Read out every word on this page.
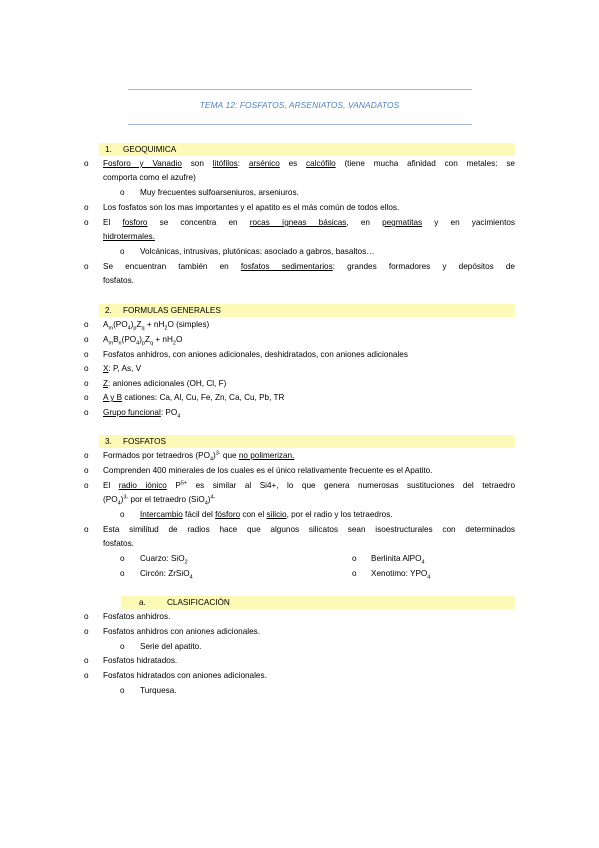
TEMA 12: FOSFATOS, ARSENIATOS, VANADATOS
1. GEOQUIMICA
o Fosforo y Vanadio son litófilos: arsénico es calcófilo (tiene mucha afinidad con metales: se
comporta como el azufre)
o Muy frecuentes sulfoarseniuros, arseniuros.
o Los fosfatos son los mas importantes y el apatito es el más común de todos ellos.
o El fosforo se concentra en rocas ígneas básicas, en pegmatitas y en yacimientos
hidrotermales.
o Volcánicas, intrusivas, plutónicas: asociado a gabros, basaltos…
o Se encuentran también en fosfatos sedimentarios: grandes formadores y depósitos de
fosfatos.
2. FORMULAS GENERALES
o $A_m(PO_4)_pZ_q + nH_2O$ (simples)
o $A_mB_n(PO_4)_pZ_q + nH_2O$
o Fosfatos anhidros, con aniones adicionales, deshidratados, con aniones adicionales
o X: P, As, V
o Z: aniones adicionales (OH, Cl, F)
o A y B cationes: Ca, Al, Cu, Fe, Zn, Ca, Cu, Pb, TR
o Grupo funcional: $PO_4$
3. FOSFATOS
o Formados por tetraedros $(PO_4)^{3-}$ que no polimerizan.
o Comprenden 400 minerales de los cuales es el único relativamente frecuente es el Apatito.
o El radio iónico $P^{5+}$ es similar al Si4+, lo que genera numerosas sustituciones del tetraedro
$(PO_4)^{3-}$ por el tetraedro $(SiO_4)^{4-}$
o Intercambio fácil del fósforo con el silicio, por el radio y los tetraedros.
o Esta similitud de radios hace que algunos silicatos sean isoestructurales con determinados
fosfatos.
o Cuarzo: SiO$_2$	o Berlinita AlPO$_4$
o Circón: ZrSiO$_4$	o Xenotimo: $YPO_4$
a.	CLASIFICACIÓN
o Fosfatos anhidros.
o Fosfatos anhidros con aniones adicionales.
o Serie del apatito.
o Fosfatos hidratados.
o Fosfatos hidratados con aniones adicionales.
o Turquesa.
